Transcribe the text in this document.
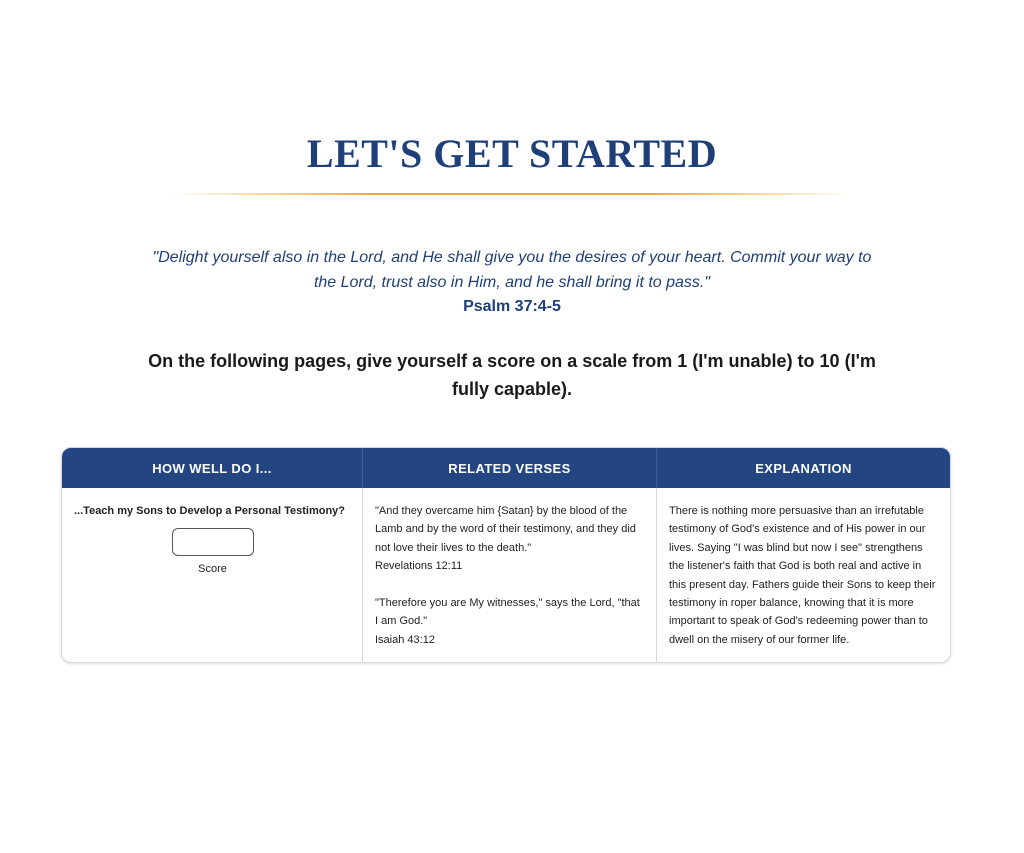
LET'S GET STARTED

"Delight yourself also in the Lord, and He shall give you the desires of your heart. Commit your way to the Lord, trust also in Him, and he shall bring it to pass."

Psalm 37:4-5

On the following pages, give yourself a score on a scale from 1 (I'm unable) to 10 (I'm fully capable).

HOW WELL DO I...	RELATED VERSES	EXPLANATION

...Teach my Sons to Develop a Personal Testimony?

Score

"And they overcame him {Satan} by the blood of the Lamb and by the word of their testimony, and they did not love their lives to the death."

Revelations 12:11

"Therefore you are My witnesses," says the Lord, "that I am God."

Isaiah 43:12

There is nothing more persuasive than an irrefutable testimony of God's existence and of His power in our lives. Saying "I was blind but now I see" strengthens the listener's faith that God is both real and active in this present day. Fathers guide their Sons to keep their testimony in roper balance, knowing that it is more important to speak of God's redeeming power than to dwell on the misery of our former life.
